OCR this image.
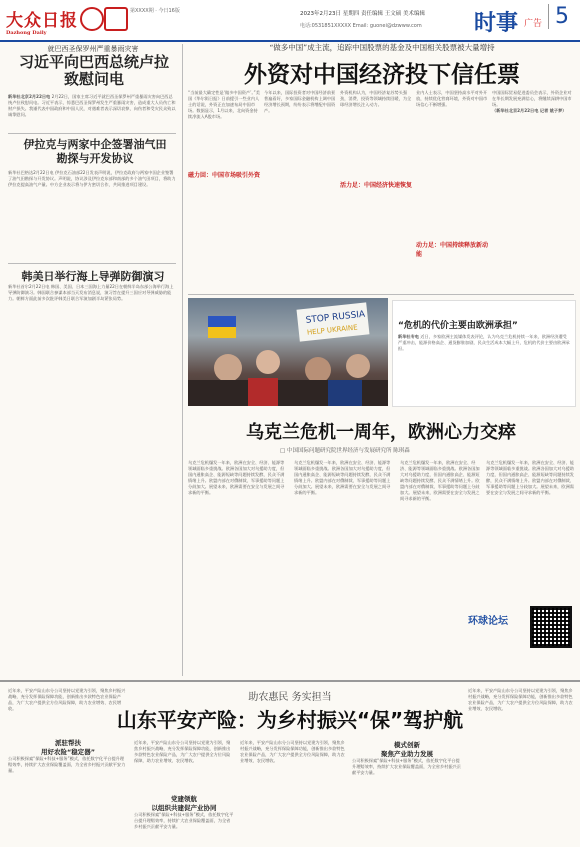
大众日报
Dazhong Daily
第XXXX期 · 今日16版	2023年2月23日 星期四 责任编辑 王文硕 美术编辑
电话:0531851XXXXX Email: guonei@dzwww.com 时事 广告 5
就巴西圣保罗州严重暴雨灾害
习近平向巴西总统卢拉致慰问电
新华社北京2月22日电 2月22日，国家主席习近平就巴西圣保罗州严重暴雨灾害向巴西总统卢拉致慰问电。习近平表示，惊悉巴西圣保罗州发生严重暴雨灾害，造成重大人员伤亡和财产损失。我谨代表中国政府和中国人民，对遇难者表示深切哀悼，向伤者和受灾民众致以诚挚慰问。
伊拉克与两家中企签署油气田勘探与开发协议
新华社巴格达2月22日电 伊拉克石油部22日发表声明说，伊拉克政府与两家中国企业签署了油气田勘探与开发协议。声明说，协议涉及伊拉克东部和南部的多个油气田项目，将助力伊拉克提高油气产量。中方企业表示将与伊方密切合作，共同推进项目建设。
韩美日举行海上导弹防御演习
新华社首尔2月22日电 韩国、美国、日本三国海上力量22日在朝鲜半岛东部公海举行海上导弹防御演习。韩国联合参谋本部当天发布消息说，演习旨在提升三国应对导弹威胁的能力。朝鲜方面此前多次批评韩美日联合军演加剧半岛紧张局势。
“做多中国”成主流，追踪中国股票的基金及中国相关股票被大量增持
外资对中国经济投下信任票
“当前最大确定性是‘做多中国资产’。”美国《华尔街日报》日前援引一些业内人士的话说，外资正在加速布局中国市场。数据显示，1月以来，北向资金持续净流入A股市场。
磁力回：中国市场吸引外资
今年以来，国际投资者对中国经济前景普遍看好，多家国际金融机构上调中国经济增长预期，纷纷表示将增配中国资产。
外资机构认为，中国经济复苏势头强劲，消费、投资等领域持续回暖，为全球经济增长注入动力。
活力足：中国经济快速恢复
业内人士表示，中国坚持高水平对外开放，持续优化营商环境，外资对中国市场信心不断增强。
动力足：中国持续释放新动能
中国国际贸易促进委员会表示，外资企业对在华长期发展充满信心，将继续深耕中国市场。
（新华社北京2月22日电 记者 姚子梦）
STOP RUSSIA
HELP UKRAINE	“危机的代价主要由欧洲承担”
新华社专电 近日，多家欧洲主流媒体发表评论，认为乌克兰危机持续一年来，欧洲经济遭受严重冲击，能源价格高企、通货膨胀加剧，民众生活成本大幅上升，危机的代价主要由欧洲承担。
乌克兰危机一周年，欧洲心力交瘁
□ 中国国际问题研究院世界经济与发展研究所 陈琪森
乌克兰危机爆发一年来，欧洲在安全、经济、能源等领域面临多重挑战。欧洲各国加大对乌援助力度，但国内通胀高企、能源短缺等问题持续发酵，民众不满情绪上升。欧盟内部在对俄制裁、军事援助等问题上分歧加大。展望未来，欧洲需要在安全与发展之间寻求新的平衡。
乌克兰危机爆发一年来，欧洲在安全、经济、能源等领域面临多重挑战。欧洲各国加大对乌援助力度，但国内通胀高企、能源短缺等问题持续发酵，民众不满情绪上升。欧盟内部在对俄制裁、军事援助等问题上分歧加大。展望未来，欧洲需要在安全与发展之间寻求新的平衡。
乌克兰危机爆发一年来，欧洲在安全、经济、能源等领域面临多重挑战。欧洲各国加大对乌援助力度，但国内通胀高企、能源短缺等问题持续发酵，民众不满情绪上升。欧盟内部在对俄制裁、军事援助等问题上分歧加大。展望未来，欧洲需要在安全与发展之间寻求新的平衡。
乌克兰危机爆发一年来，欧洲在安全、经济、能源等领域面临多重挑战。欧洲各国加大对乌援助力度，但国内通胀高企、能源短缺等问题持续发酵，民众不满情绪上升。欧盟内部在对俄制裁、军事援助等问题上分歧加大。展望未来，欧洲需要在安全与发展之间寻求新的平衡。
环球论坛
助农惠民 务实担当
山东平安产险：为乡村振兴“保”驾护航
近年来，平安产险山东分公司坚持以党建为引领，聚焦乡村振兴战略，充分发挥保险保障功能，创新推出多款特色农业保险产品，为广大农户提供全方位风险保障，助力农业增效、农民增收。
派驻帮扶
用好农险“稳定器”
公司积极探索“保险+科技+服务”模式，依托数字化平台提升理赔效率，持续扩大农业保险覆盖面，为全省乡村振兴贡献平安力量。
近年来，平安产险山东分公司坚持以党建为引领，聚焦乡村振兴战略，充分发挥保险保障功能，创新推出多款特色农业保险产品，为广大农户提供全方位风险保障，助力农业增效、农民增收。
党建领航
以组织共建促产业协同
公司积极探索“保险+科技+服务”模式，依托数字化平台提升理赔效率，持续扩大农业保险覆盖面，为全省乡村振兴贡献平安力量。
近年来，平安产险山东分公司坚持以党建为引领，聚焦乡村振兴战略，充分发挥保险保障功能，创新推出多款特色农业保险产品，为广大农户提供全方位风险保障，助力农业增效、农民增收。
模式创新
聚焦产业助力发展
公司积极探索“保险+科技+服务”模式，依托数字化平台提升理赔效率，持续扩大农业保险覆盖面，为全省乡村振兴贡献平安力量。
近年来，平安产险山东分公司坚持以党建为引领，聚焦乡村振兴战略，充分发挥保险保障功能，创新推出多款特色农业保险产品，为广大农户提供全方位风险保障，助力农业增效、农民增收。
